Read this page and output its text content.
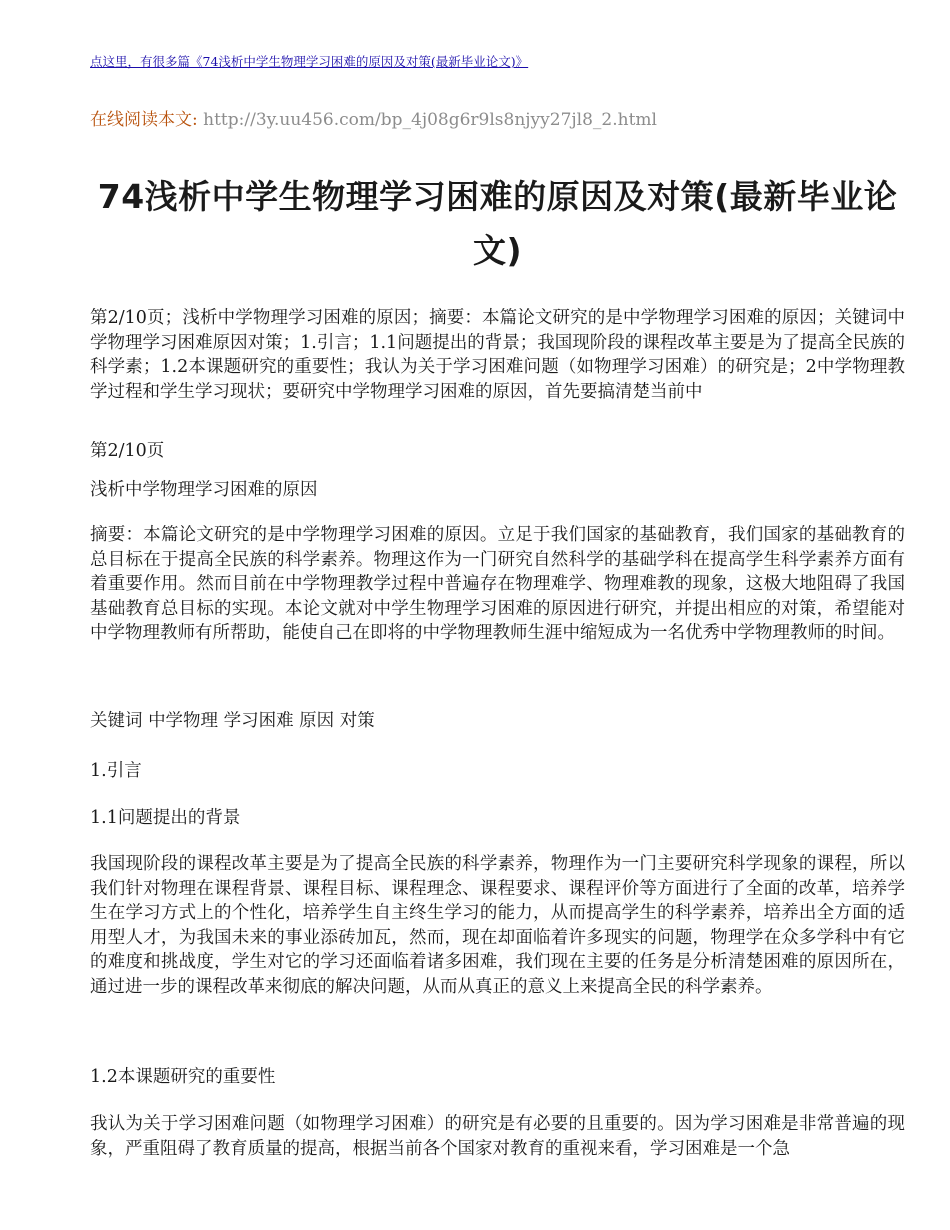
点这里，有很多篇《74浅析中学生物理学习困难的原因及对策(最新毕业论文)》
在线阅读本文: http://3y.uu456.com/bp_4j08g6r9ls8njyy27jl8_2.html
74浅析中学生物理学习困难的原因及对策(最新毕业论文)

第2/10页；浅析中学物理学习困难的原因；摘要：本篇论文研究的是中学物理学习困难的原因；关键词中学物理学习困难原因对策；1.引言；1.1问题提出的背景；我国现阶段的课程改革主要是为了提高全民族的科学素；1.2本课题研究的重要性；我认为关于学习困难问题（如物理学习困难）的研究是；2中学物理教学过程和学生学习现状；要研究中学物理学习困难的原因，首先要搞清楚当前中

第2/10页

浅析中学物理学习困难的原因

摘要：本篇论文研究的是中学物理学习困难的原因。立足于我们国家的基础教育，我们国家的基础教育的总目标在于提高全民族的科学素养。物理这作为一门研究自然科学的基础学科在提高学生科学素养方面有着重要作用。然而目前在中学物理教学过程中普遍存在物理难学、物理难教的现象，这极大地阻碍了我国基础教育总目标的实现。本论文就对中学生物理学习困难的原因进行研究，并提出相应的对策，希望能对中学物理教师有所帮助，能使自己在即将的中学物理教师生涯中缩短成为一名优秀中学物理教师的时间。

关键词 中学物理 学习困难 原因 对策

1.引言

1.1问题提出的背景

我国现阶段的课程改革主要是为了提高全民族的科学素养，物理作为一门主要研究科学现象的课程，所以我们针对物理在课程背景、课程目标、课程理念、课程要求、课程评价等方面进行了全面的改革，培养学生在学习方式上的个性化，培养学生自主终生学习的能力，从而提高学生的科学素养，培养出全方面的适用型人才，为我国未来的事业添砖加瓦，然而，现在却面临着许多现实的问题，物理学在众多学科中有它的难度和挑战度，学生对它的学习还面临着诸多困难，我们现在主要的任务是分析清楚困难的原因所在，通过进一步的课程改革来彻底的解决问题，从而从真正的意义上来提高全民的科学素养。

1.2本课题研究的重要性

我认为关于学习困难问题（如物理学习困难）的研究是有必要的且重要的。因为学习困难是非常普遍的现象，严重阻碍了教育质量的提高，根据当前各个国家对教育的重视来看，学习困难是一个急
